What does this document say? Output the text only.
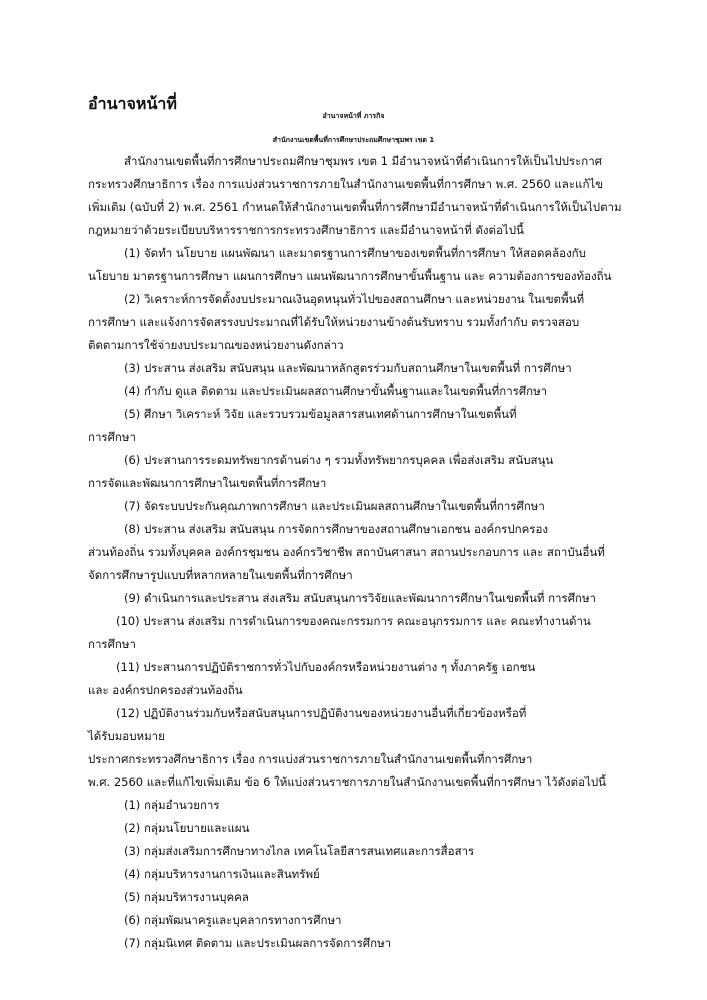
อำนาจหน้าที่
อำนาจหน้าที่ ภารกิจ
สำนักงานเขตพื้นที่การศึกษาประถมศึกษาชุมพร เขต 1
สำนักงานเขตพื้นที่การศึกษาประถมศึกษาชุมพร เขต 1 มีอำนาจหน้าที่ดำเนินการให้เป็นไปประกาศ
กระทรวงศึกษาธิการ เรื่อง การแบ่งส่วนราชการภายในสำนักงานเขตพื้นที่การศึกษา พ.ศ. 2560 และแก้ไข
เพิ่มเติม (ฉบับที่ 2) พ.ศ. 2561 กำหนดให้สำนักงานเขตพื้นที่การศึกษามีอำนาจหน้าที่ดำเนินการให้เป็นไปตาม
กฎหมายว่าด้วยระเบียบบริหารราชการกระทรวงศึกษาธิการ และมีอำนาจหน้าที่ ดังต่อไปนี้
(1) จัดทำ นโยบาย แผนพัฒนา และมาตรฐานการศึกษาของเขตพื้นที่การศึกษา ให้สอดคล้องกับ
นโยบาย มาตรฐานการศึกษา แผนการศึกษา แผนพัฒนาการศึกษาขั้นพื้นฐาน และ ความต้องการของท้องถิ่น
(2) วิเคราะห์การจัดตั้งงบประมาณเงินอุดหนุนทั่วไปของสถานศึกษา และหน่วยงาน ในเขตพื้นที่
การศึกษา และแจ้งการจัดสรรงบประมาณที่ได้รับให้หน่วยงานข้างต้นรับทราบ รวมทั้งกำกับ ตรวจสอบ
ติดตามการใช้จ่ายงบประมาณของหน่วยงานดังกล่าว
(3) ประสาน ส่งเสริม สนับสนุน และพัฒนาหลักสูตรร่วมกับสถานศึกษาในเขตพื้นที่ การศึกษา
(4) กำกับ ดูแล ติดตาม และประเมินผลสถานศึกษาขั้นพื้นฐานและในเขตพื้นที่การศึกษา
(5) ศึกษา วิเคราะห์ วิจัย และรวบรวมข้อมูลสารสนเทศด้านการศึกษาในเขตพื้นที่
การศึกษา
(6) ประสานการระดมทรัพยากรด้านต่าง ๆ รวมทั้งทรัพยากรบุคคล เพื่อส่งเสริม สนับสนุน
การจัดและพัฒนาการศึกษาในเขตพื้นที่การศึกษา
(7) จัดระบบประกันคุณภาพการศึกษา และประเมินผลสถานศึกษาในเขตพื้นที่การศึกษา
(8) ประสาน ส่งเสริม สนับสนุน การจัดการศึกษาของสถานศึกษาเอกชน องค์กรปกครอง
ส่วนท้องถิ่น รวมทั้งบุคคล องค์กรชุมชน องค์กรวิชาชีพ สถาบันศาสนา สถานประกอบการ และ สถาบันอื่นที่
จัดการศึกษารูปแบบที่หลากหลายในเขตพื้นที่การศึกษา
(9) ดำเนินการและประสาน ส่งเสริม สนับสนุนการวิจัยและพัฒนาการศึกษาในเขตพื้นที่ การศึกษา
(10) ประสาน ส่งเสริม การดำเนินการของคณะกรรมการ คณะอนุกรรมการ และ คณะทำงานด้าน
การศึกษา
(11) ประสานการปฏิบัติราชการทั่วไปกับองค์กรหรือหน่วยงานต่าง ๆ ทั้งภาครัฐ เอกชน
และ องค์กรปกครองส่วนท้องถิ่น
(12) ปฏิบัติงานร่วมกับหรือสนับสนุนการปฏิบัติงานของหน่วยงานอื่นที่เกี่ยวข้องหรือที่
ได้รับมอบหมาย
ประกาศกระทรวงศึกษาธิการ เรื่อง การแบ่งส่วนราชการภายในสำนักงานเขตพื้นที่การศึกษา
พ.ศ. 2560 และที่แก้ไขเพิ่มเติม ข้อ 6 ให้แบ่งส่วนราชการภายในสำนักงานเขตพื้นที่การศึกษา ไว้ดังต่อไปนี้
(1) กลุ่มอำนวยการ
(2) กลุ่มนโยบายและแผน
(3) กลุ่มส่งเสริมการศึกษาทางไกล เทคโนโลยีสารสนเทศและการสื่อสาร
(4) กลุ่มบริหารงานการเงินและสินทรัพย์
(5) กลุ่มบริหารงานบุคคล
(6) กลุ่มพัฒนาครูและบุคลากรทางการศึกษา
(7) กลุ่มนิเทศ ติดตาม และประเมินผลการจัดการศึกษา
